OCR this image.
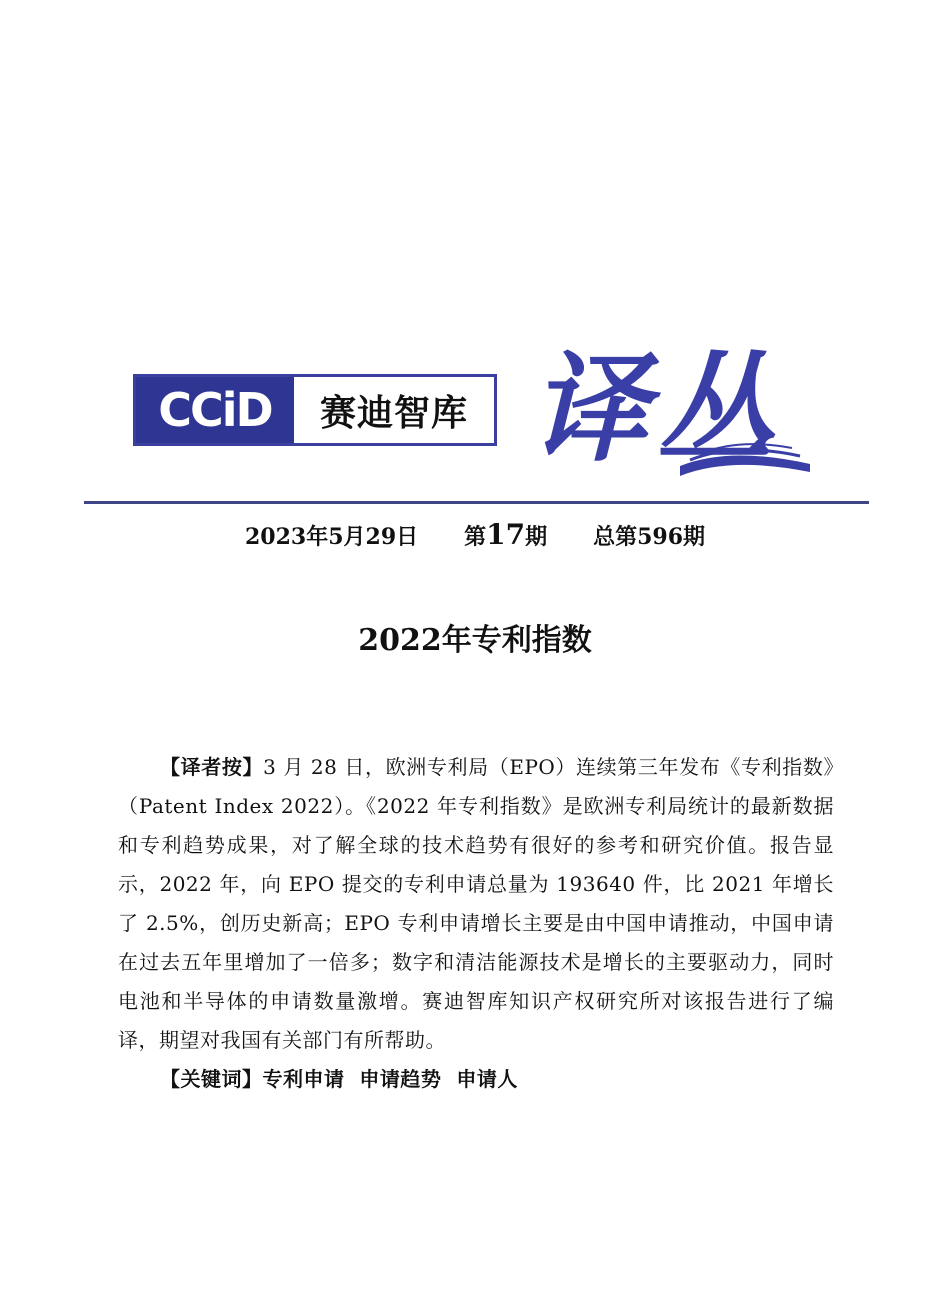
CCiD	赛迪智库 译丛
2023年5月29日 第17期 总第596期
2022年专利指数

【译者按】3 月 28 日，欧洲专利局（EPO）连续第三年发布《专利指数》（Patent Index 2022）。《2022 年专利指数》是欧洲专利局统计的最新数据和专利趋势成果，对了解全球的技术趋势有很好的参考和研究价值。报告显示，2022 年，向 EPO 提交的专利申请总量为 193640 件，比 2021 年增长了 2.5%，创历史新高；EPO 专利申请增长主要是由中国申请推动，中国申请在过去五年里增加了一倍多；数字和清洁能源技术是增长的主要驱动力，同时电池和半导体的申请数量激增。赛迪智库知识产权研究所对该报告进行了编译，期望对我国有关部门有所帮助。

【关键词】专利申请  申请趋势  申请人
